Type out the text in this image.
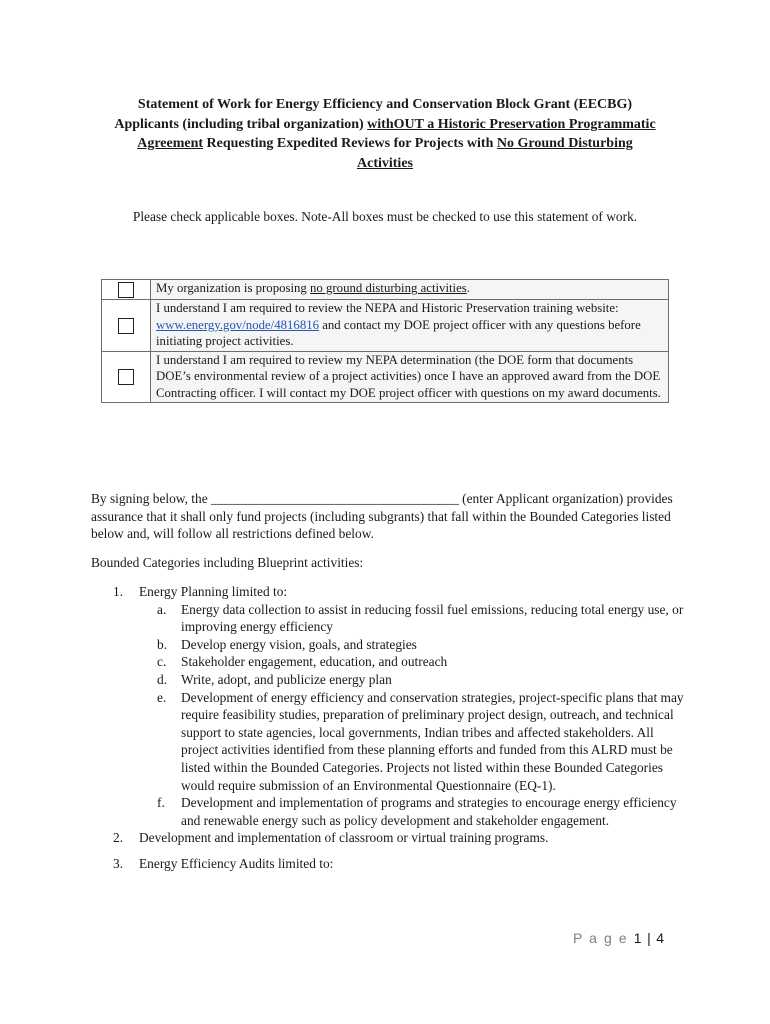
Statement of Work for Energy Efficiency and Conservation Block Grant (EECBG)
Applicants (including tribal organization) withOUT a Historic Preservation Programmatic
Agreement Requesting Expedited Reviews for Projects with No Ground Disturbing
Activities
Please check applicable boxes. Note-All boxes must be checked to use this statement of work.
	My organization is proposing no ground disturbing activities.
	I understand I am required to review the NEPA and Historic Preservation training website: www.energy.gov/node/4816816 and contact my DOE project officer with any questions before initiating project activities.
	I understand I am required to review my NEPA determination (the DOE form that documents DOE’s environmental review of a project activities) once I have an approved award from the DOE Contracting officer. I will contact my DOE project officer with questions on my award documents.
By signing below, the _____________________________________ (enter Applicant organization) provides assurance that it shall only fund projects (including subgrants) that fall within the Bounded Categories listed below and, will follow all restrictions defined below.
Bounded Categories including Blueprint activities:
1. Energy Planning limited to:
a. Energy data collection to assist in reducing fossil fuel emissions, reducing total energy use, or improving energy efficiency
b. Develop energy vision, goals, and strategies
c. Stakeholder engagement, education, and outreach
d. Write, adopt, and publicize energy plan
e. Development of energy efficiency and conservation strategies, project-specific plans that may require feasibility studies, preparation of preliminary project design, outreach, and technical support to state agencies, local governments, Indian tribes and affected stakeholders. All project activities identified from these planning efforts and funded from this ALRD must be listed within the Bounded Categories. Projects not listed within these Bounded Categories would require submission of an Environmental Questionnaire (EQ-1).
f. Development and implementation of programs and strategies to encourage energy efficiency and renewable energy such as policy development and stakeholder engagement.
2. Development and implementation of classroom or virtual training programs.
3. Energy Efficiency Audits limited to:
P a g e 1 | 4
